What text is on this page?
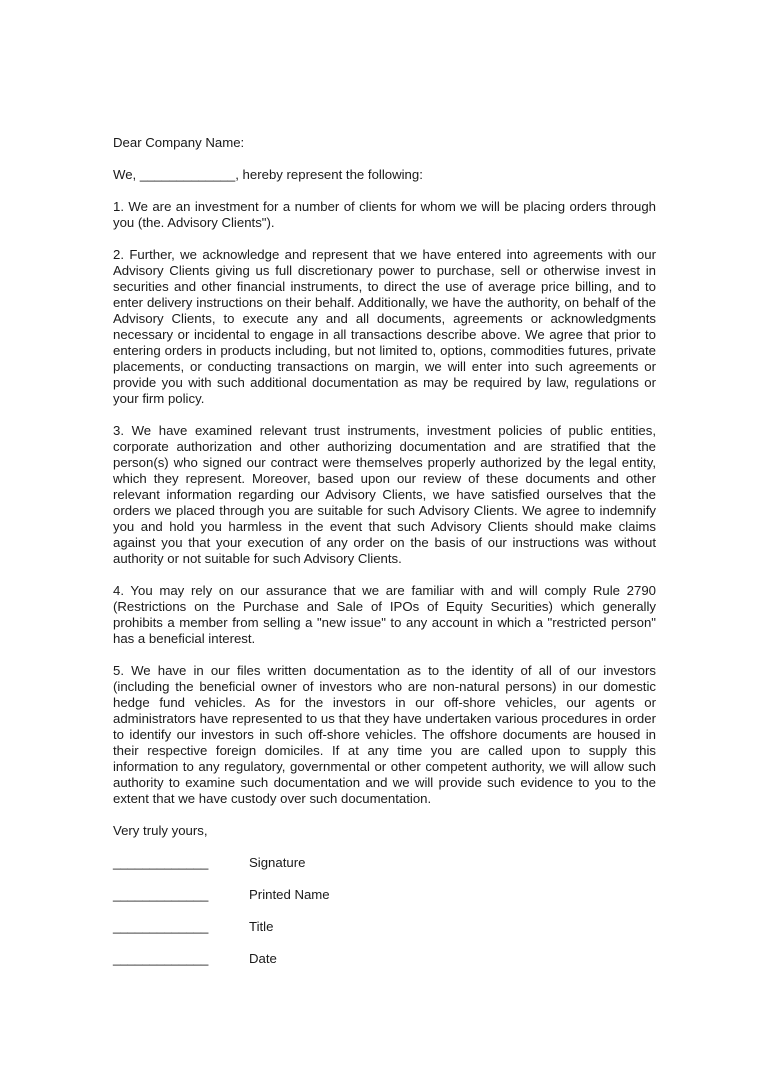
Dear Company Name:

We, _____________, hereby represent the following:

1. We are an investment for a number of clients for whom we will be placing orders through you (the. Advisory Clients").

2. Further, we acknowledge and represent that we have entered into agreements with our Advisory Clients giving us full discretionary power to purchase, sell or otherwise invest in securities and other financial instruments, to direct the use of average price billing, and to enter delivery instructions on their behalf. Additionally, we have the authority, on behalf of the Advisory Clients, to execute any and all documents, agreements or acknowledgments necessary or incidental to engage in all transactions describe above. We agree that prior to entering orders in products including, but not limited to, options, commodities futures, private placements, or conducting transactions on margin, we will enter into such agreements or provide you with such additional documentation as may be required by law, regulations or your firm policy.

3. We have examined relevant trust instruments, investment policies of public entities, corporate authorization and other authorizing documentation and are stratified that the person(s) who signed our contract were themselves properly authorized by the legal entity, which they represent. Moreover, based upon our review of these documents and other relevant information regarding our Advisory Clients, we have satisfied ourselves that the orders we placed through you are suitable for such Advisory Clients. We agree to indemnify you and hold you harmless in the event that such Advisory Clients should make claims against you that your execution of any order on the basis of our instructions was without authority or not suitable for such Advisory Clients.

4. You may rely on our assurance that we are familiar with and will comply Rule 2790 (Restrictions on the Purchase and Sale of IPOs of Equity Securities) which generally prohibits a member from selling a "new issue" to any account in which a "restricted person" has a beneficial interest.

5. We have in our files written documentation as to the identity of all of our investors (including the beneficial owner of investors who are non-natural persons) in our domestic hedge fund vehicles. As for the investors in our off-shore vehicles, our agents or administrators have represented to us that they have undertaken various procedures in order to identify our investors in such off-shore vehicles. The offshore documents are housed in their respective foreign domiciles. If at any time you are called upon to supply this information to any regulatory, governmental or other competent authority, we will allow such authority to examine such documentation and we will provide such evidence to you to the extent that we have custody over such documentation.

Very truly yours,

_____________	Signature
_____________	Printed Name
_____________	Title
_____________	Date
